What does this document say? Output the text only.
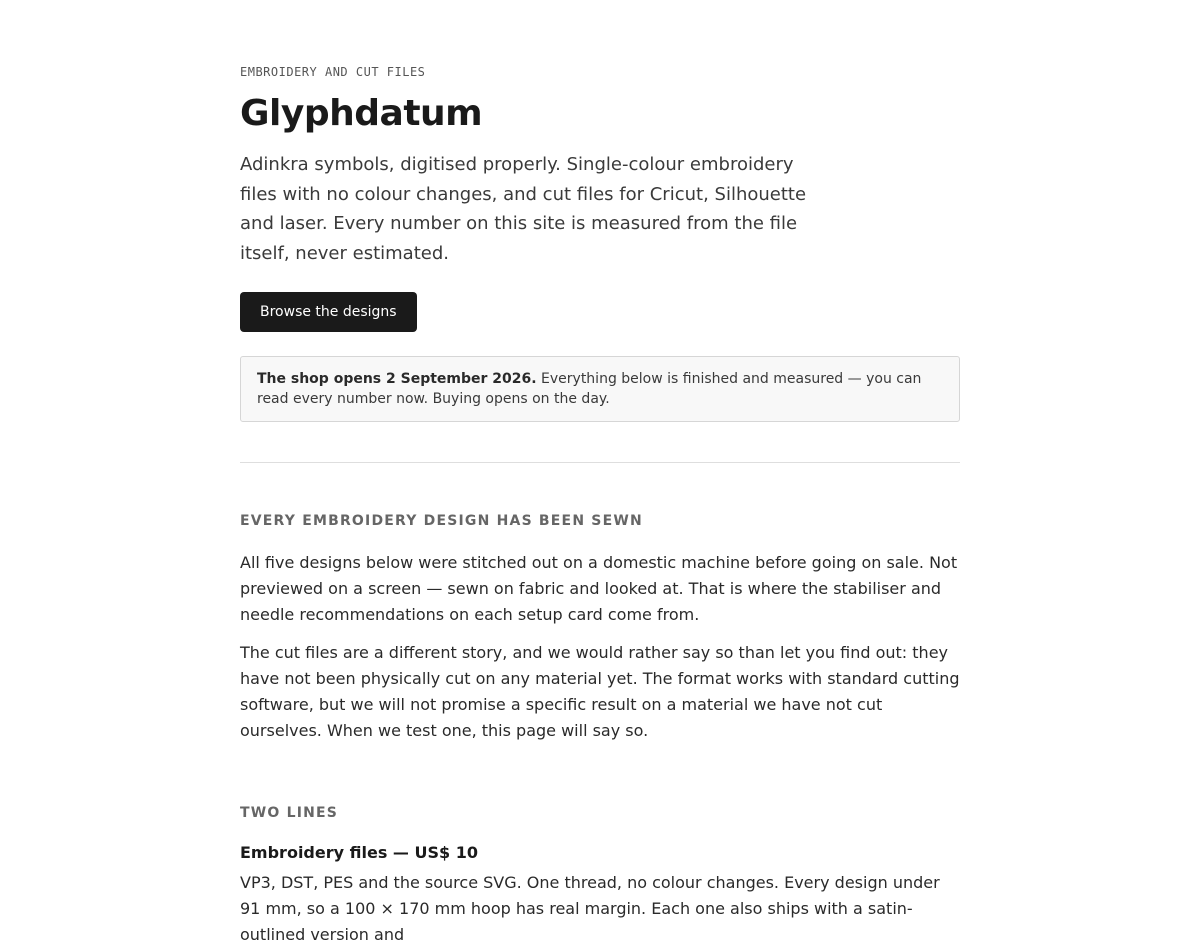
EMBROIDERY AND CUT FILES

Glyphdatum

Adinkra symbols, digitised properly. Single-colour embroidery files with no colour changes, and cut files for Cricut, Silhouette and laser. Every number on this site is measured from the file itself, never estimated.

Browse the designs
The shop opens 2 September 2026. Everything below is finished and measured — you can read every number now. Buying opens on the day.
EVERY EMBROIDERY DESIGN HAS BEEN SEWN

All five designs below were stitched out on a domestic machine before going on sale. Not previewed on a screen — sewn on fabric and looked at. That is where the stabiliser and needle recommendations on each setup card come from.

The cut files are a different story, and we would rather say so than let you find out: they have not been physically cut on any material yet. The format works with standard cutting software, but we will not promise a specific result on a material we have not cut ourselves. When we test one, this page will say so.

TWO LINES
Embroidery files — US$ 10

VP3, DST, PES and the source SVG. One thread, no colour changes. Every design under 91 mm, so a 100 × 170 mm hoop has real margin. Each one also ships with a satin-outlined version and
